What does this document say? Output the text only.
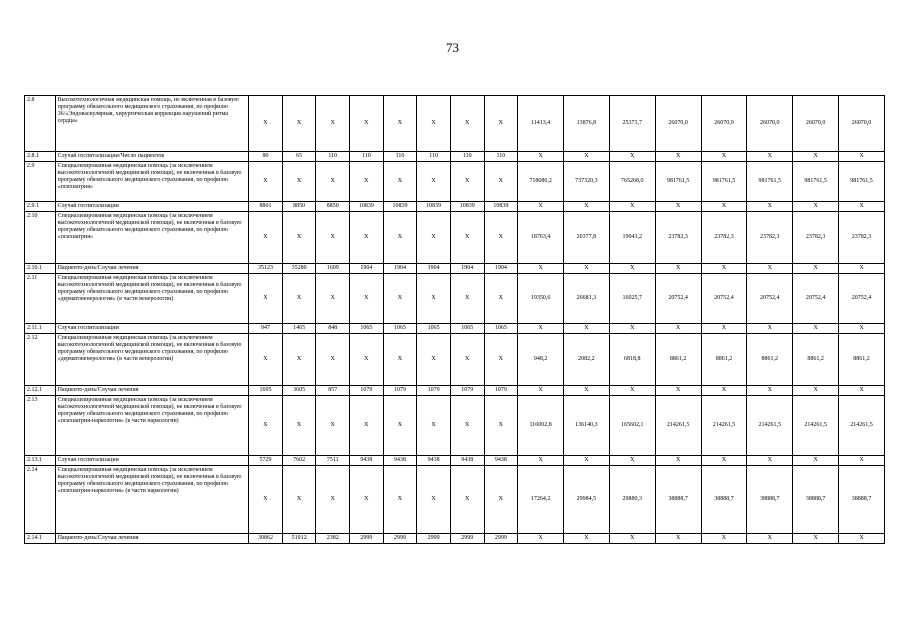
73
2.8	Высокотехнологичная медицинская помощь, не включенная в базовую программу обязательного медицинского страхования, по профилю 36/«Эндоваскулярная, хирургическая коррекция нарушений ритма сердца»	X	X	X	X	X	X	X	X	11413,4	13876,8	25373,7	26070,0	26070,0	26070,0	26070,0	26070,0
2.8.1	Случай госпитализации/Число пациентов	80	65	110	110	110	110	110	110	X	X	X	X	X	X	X	X
2.9	Специализированная медицинская помощь (за исключением высокотехнологичной медицинской помощи), не включенная в базовую программу обязательного медицинского страхования, по профилю «психиатрия»	X	X	X	X	X	X	X	X	718080,2	737320,3	765268,0	981761,5	981761,5	981761,5	981761,5	981761,5
2.9.1	Случай госпитализации	8801	8850	8850	10839	10839	10839	10839	10839	X	X	X	X	X	X	X	X
2.10	Специализированная медицинская помощь (за исключением высокотехнологичной медицинской помощи), не включенная в базовую программу обязательного медицинского страхования, по профилю «психиатрия»	X	X	X	X	X	X	X	X	18763,4	20377,8	19043,2	23782,3	23782,3	23782,3	23782,3	23782,3
2.10.1	Пациенто-день/Случаи лечения	35123	35280	1609	1904	1904	1904	1904	1904	X	X	X	X	X	X	X	X
2.11	Специализированная медицинская помощь (за исключением высокотехнологичной медицинской помощи), не включенная в базовую программу обязательного медицинского страхования, по профилю «дерматовенерология» (в части венерологии)	X	X	X	X	X	X	X	X	19350,6	26681,3	16025,7	20752,4	20752,4	20752,4	20752,4	20752,4
2.11.1	Случаи госпитализации	947	1465	848	1065	1065	1065	1065	1065	X	X	X	X	X	X	X	X
2.12	Специализированная медицинская помощь (за исключением высокотехнологичной медицинской помощи), не включенная в базовую программу обязательного медицинского страхования, по профилю «дерматовенерология» (в части венерологии)	X	X	X	X	X	X	X	X	948,2	2082,2	6818,8	8861,2	8861,2	8861,2	8861,2	8861,2
2.12.1	Пациенто-день/Случаи лечения	1695	3605	857	1079	1079	1079	1079	1079	X	X	X	X	X	X	X	X
2.13	Специализированная медицинская помощь (за исключением высокотехнологичной медицинской помощи), не включенная в базовую программу обязательного медицинского страхования, по профилю «психиатрия-наркология» (в части наркологии)	X	X	X	X	X	X	X	X	116002,8	136140,3	165602,1	214261,5	214261,5	214261,5	214261,5	214261,5
2.13.1	Случаи госпитализации	5729	7602	7511	9438	9438	9438	9438	9438	X	X	X	X	X	X	X	X
2.14	Специализированная медицинская помощь (за исключением высокотехнологичной медицинской помощи), не включенная в базовую программу обязательного медицинского страхования, по профилю «психиатрия-наркология» (в части наркологии)	X	X	X	X	X	X	X	X	17264,2	29984,5	29880,3	38888,7	38888,7	38888,7	38888,7	38888,7
2.14.1	Пациенто-день/Случаи лечения	30862	51912	2382	2999	2999	2999	2999	2999	X	X	X	X	X	X	X	X
